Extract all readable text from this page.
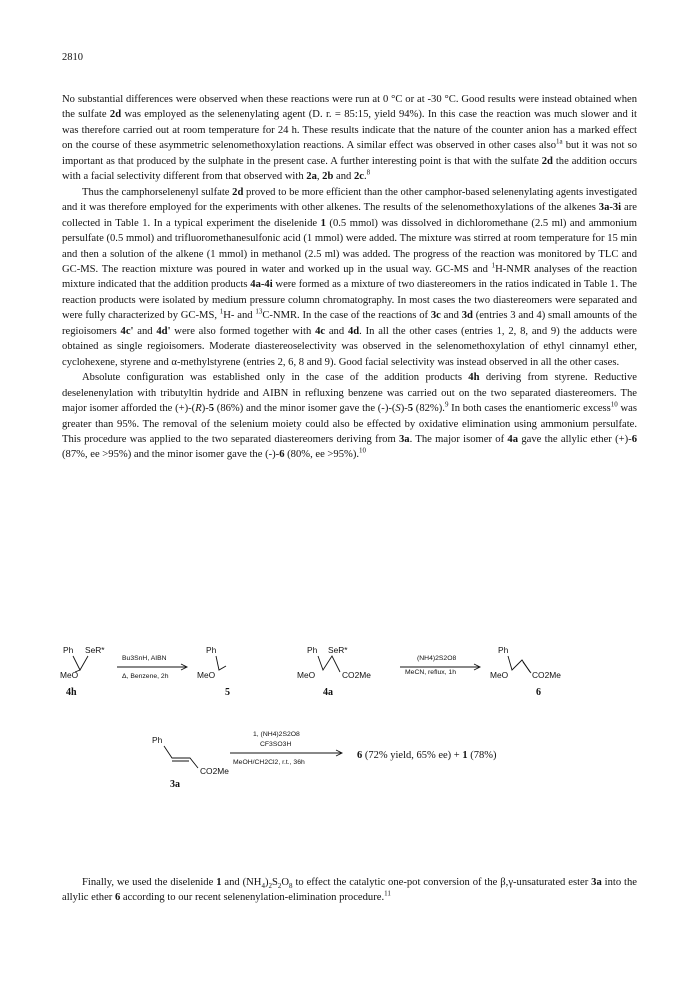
2810

No substantial differences were observed when these reactions were run at 0 °C or at -30 °C. Good results were instead obtained when the sulfate 2d was employed as the selenenylating agent (D. r. = 85:15, yield 94%). In this case the reaction was much slower and it was therefore carried out at room temperature for 24 h. These results indicate that the nature of the counter anion has a marked effect on the course of these asymmetric selenomethoxylation reactions. A similar effect was observed in other cases also$^{1a}$ but it was not so important as that produced by the sulphate in the present case. A further interesting point is that with the sulfate 2d the addition occurs with a facial selectivity different from that observed with 2a, 2b and 2c.$^8$

Thus the camphorselenenyl sulfate 2d proved to be more efficient than the other camphor-based selenenylating agents investigated and it was therefore employed for the experiments with other alkenes. The results of the selenomethoxylations of the alkenes 3a-3i are collected in Table 1. In a typical experiment the diselenide 1 (0.5 mmol) was dissolved in dichloromethane (2.5 ml) and ammonium persulfate (0.5 mmol) and trifluoromethanesulfonic acid (1 mmol) were added. The mixture was stirred at room temperature for 15 min and then a solution of the alkene (1 mmol) in methanol (2.5 ml) was added. The progress of the reaction was monitored by TLC and GC-MS. The reaction mixture was poured in water and worked up in the usual way. GC-MS and $^1$H-NMR analyses of the reaction mixture indicated that the addition products 4a-4i were formed as a mixture of two diastereomers in the ratios indicated in Table 1. The reaction products were isolated by medium pressure column chromatography. In most cases the two diastereomers were separated and were fully characterized by GC-MS, $^1$H- and $^{13}$C-NMR. In the case of the reactions of 3c and 3d (entries 3 and 4) small amounts of the regioisomers 4c' and 4d' were also formed together with 4c and 4d. In all the other cases (entries 1, 2, 8, and 9) the adducts were obtained as single regioisomers. Moderate diastereoselectivity was observed in the selenomethoxylation of ethyl cinnamyl ether, cyclohexene, styrene and α-methylstyrene (entries 2, 6, 8 and 9). Good facial selectivity was instead observed in all the other cases.

Absolute configuration was established only in the case of the addition products 4h deriving from styrene. Reductive deselenenylation with tributyltin hydride and AIBN in refluxing benzene was carried out on the two separated diastereomers. The major isomer afforded the (+)-(R)-5 (86%) and the minor isomer gave the (-)-(S)-5 (82%).$^9$ In both cases the enantiomeric excess$^{10}$ was greater than 95%. The removal of the selenium moiety could also be effected by oxidative elimination using ammonium persulfate. This procedure was applied to the two separated diastereomers deriving from 3a. The major isomer of 4a gave the allylic ether (+)-6 (87%, ee >95%) and the minor isomer gave the (-)-6 (80%, ee >95%).$^{10}$

Ph SeR*
MeO
4h
Bu3SnH, AIBN
Δ, Benzene, 2h
Ph
MeO
5
Ph SeR*
MeO	CO2Me
4a
(NH4)2S2O8
MeCN, reflux, 1h
Ph
MeO	CO2Me
6
Ph
CO2Me
3a
1, (NH4)2S2O8
CF3SO3H
MeOH/CH2Cl2, r.t., 36h
6 (72% yield, 65% ee) + 1 (78%)
Finally, we used the diselenide 1 and $(NH_4)_2S_2O_8$ to effect the catalytic one-pot conversion of the β,γ-unsaturated ester 3a into the allylic ether 6 according to our recent selenenylation-elimination procedure.$^{11}$
